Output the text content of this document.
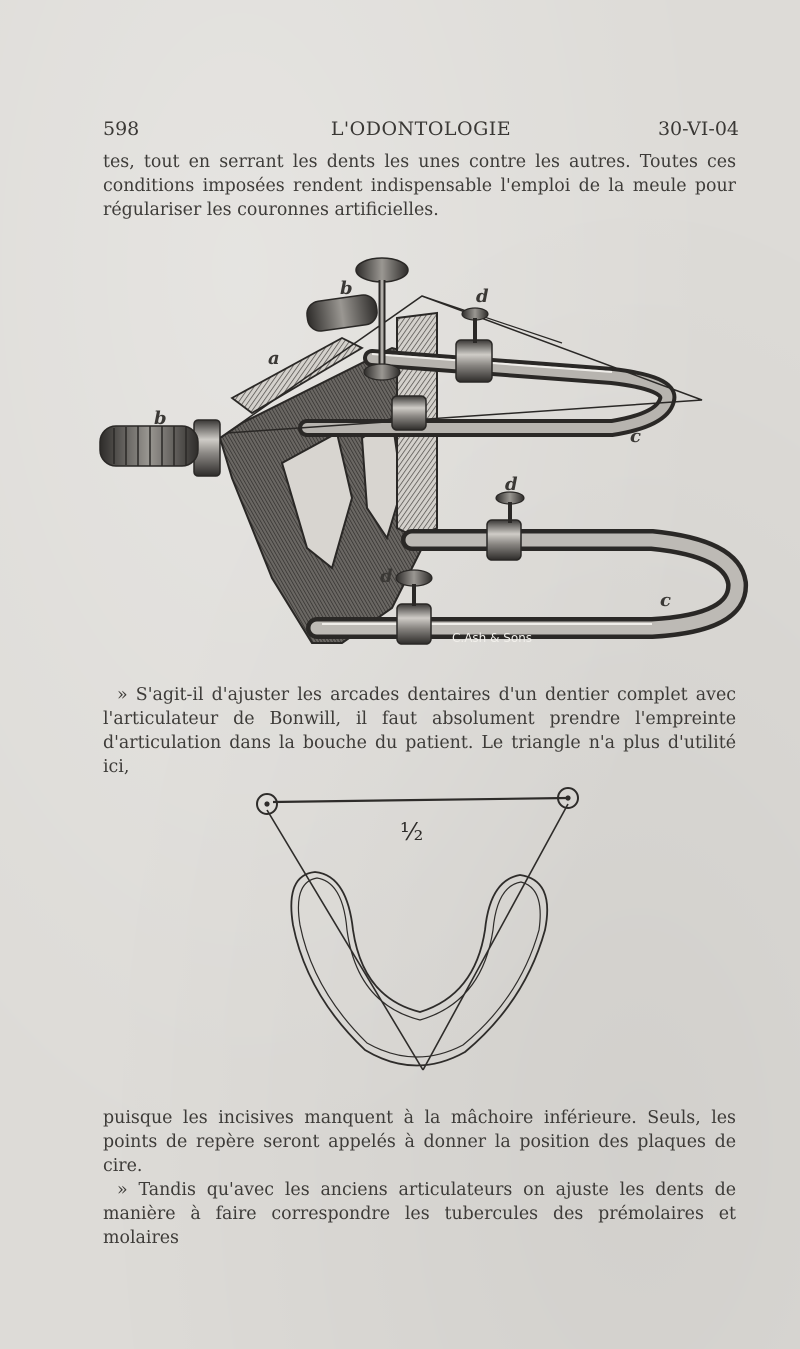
598	L'ODONTOLOGIE	30-VI-04

tes, tout en serrant les dents les unes contre les autres. Toutes ces conditions imposées rendent indispensable l'emploi de la meule pour régulariser les couronnes artificielles.

C.Ash & Sons
b	d
a
b
c
d
d
c

» S'agit-il d'ajuster les arcades dentaires d'un dentier complet avec l'articulateur de Bonwill, il faut absolument prendre l'empreinte d'articulation dans la bouche du patient. Le triangle n'a plus d'utilité ici,

½

puisque les incisives manquent à la mâchoire inférieure. Seuls, les points de repère seront appelés à donner la position des plaques de cire.

» Tandis qu'avec les anciens articulateurs on ajuste les dents de manière à faire correspondre les tubercules des prémolaires et molaires
